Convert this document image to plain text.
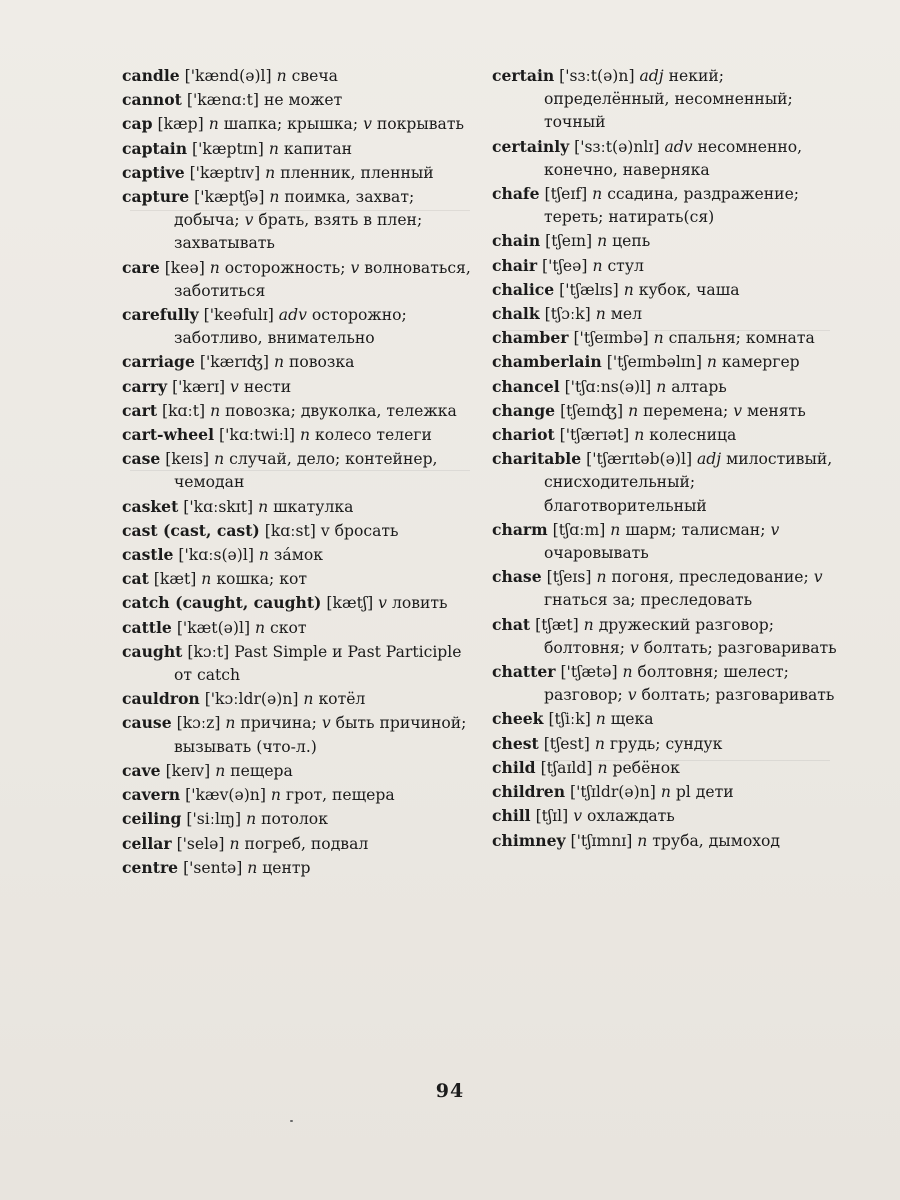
candle ['kænd(ə)l] n свеча

cannot ['kænɑːt] не может

cap [kæp] n шапка; крышка; v покрывать

captain ['kæptɪn] n капитан

captive ['kæptɪv] n пленник, пленный

capture ['kæptʃə] n поимка, захват; добыча; v брать, взять в плен; захватывать

care [keə] n осторожность; v волноваться, заботиться

carefully ['keəfulɪ] adv осторожно; заботливо, внимательно

carriage ['kærɪʤ] n повозка

carry ['kærɪ] v нести

cart [kɑːt] n повозка; двуколка, тележка

cart-wheel ['kɑːtwiːl] n колесо телеги

case [keɪs] n случай, дело; контейнер, чемодан

casket ['kɑːskɪt] n шкатулка

cast (cast, cast) [kɑːst] v бросать

castle ['kɑːs(ə)l] n за́мок

cat [kæt] n кошка; кот

catch (caught, caught) [kætʃ] v ловить

cattle ['kæt(ə)l] n скот

caught [kɔːt] Past Simple и Past Participle от catch

cauldron ['kɔːldr(ə)n] n котёл

cause [kɔːz] n причина; v быть причиной; вызывать (что-л.)

cave [keɪv] n пещера

cavern ['kæv(ə)n] n грот, пещера

ceiling ['siːlɪŋ] n потолок

cellar ['selə] n погреб, подвал

centre ['sentə] n центр

certain ['sɜːt(ə)n] adj некий; определённый, несомненный; точный

certainly ['sɜːt(ə)nlɪ] adv несомненно, конечно, наверняка

chafe [tʃeɪf] n ссадина, раздражение; тереть; натирать(ся)

chain [tʃeɪn] n цепь

chair ['tʃeə] n стул

chalice ['tʃælɪs] n кубок, чаша

chalk [tʃɔːk] n мел

chamber ['tʃeɪmbə] n спальня; комната

chamberlain ['tʃeɪmbəlɪn] n камергер

chancel ['tʃɑːns(ə)l] n алтарь

change [tʃeɪnʤ] n перемена; v менять

chariot ['tʃærɪət] n колесница

charitable ['tʃærɪtəb(ə)l] adj милостивый, снисходительный; благотворительный

charm [tʃɑːm] n шарм; талисман; v очаровывать

chase [tʃeɪs] n погоня, преследование; v гнаться за; преследовать

chat [tʃæt] n дружеский разговор; болтовня; v болтать; разговаривать

chatter ['tʃætə] n болтовня; шелест; разговор; v болтать; разговаривать

cheek [tʃiːk] n щека

chest [tʃest] n грудь; сундук

child [tʃaɪld] n ребёнок

children ['tʃɪldr(ə)n] n pl дети

chill [tʃɪl] v охлаждать

chimney ['tʃɪmnɪ] n труба, дымоход

94
